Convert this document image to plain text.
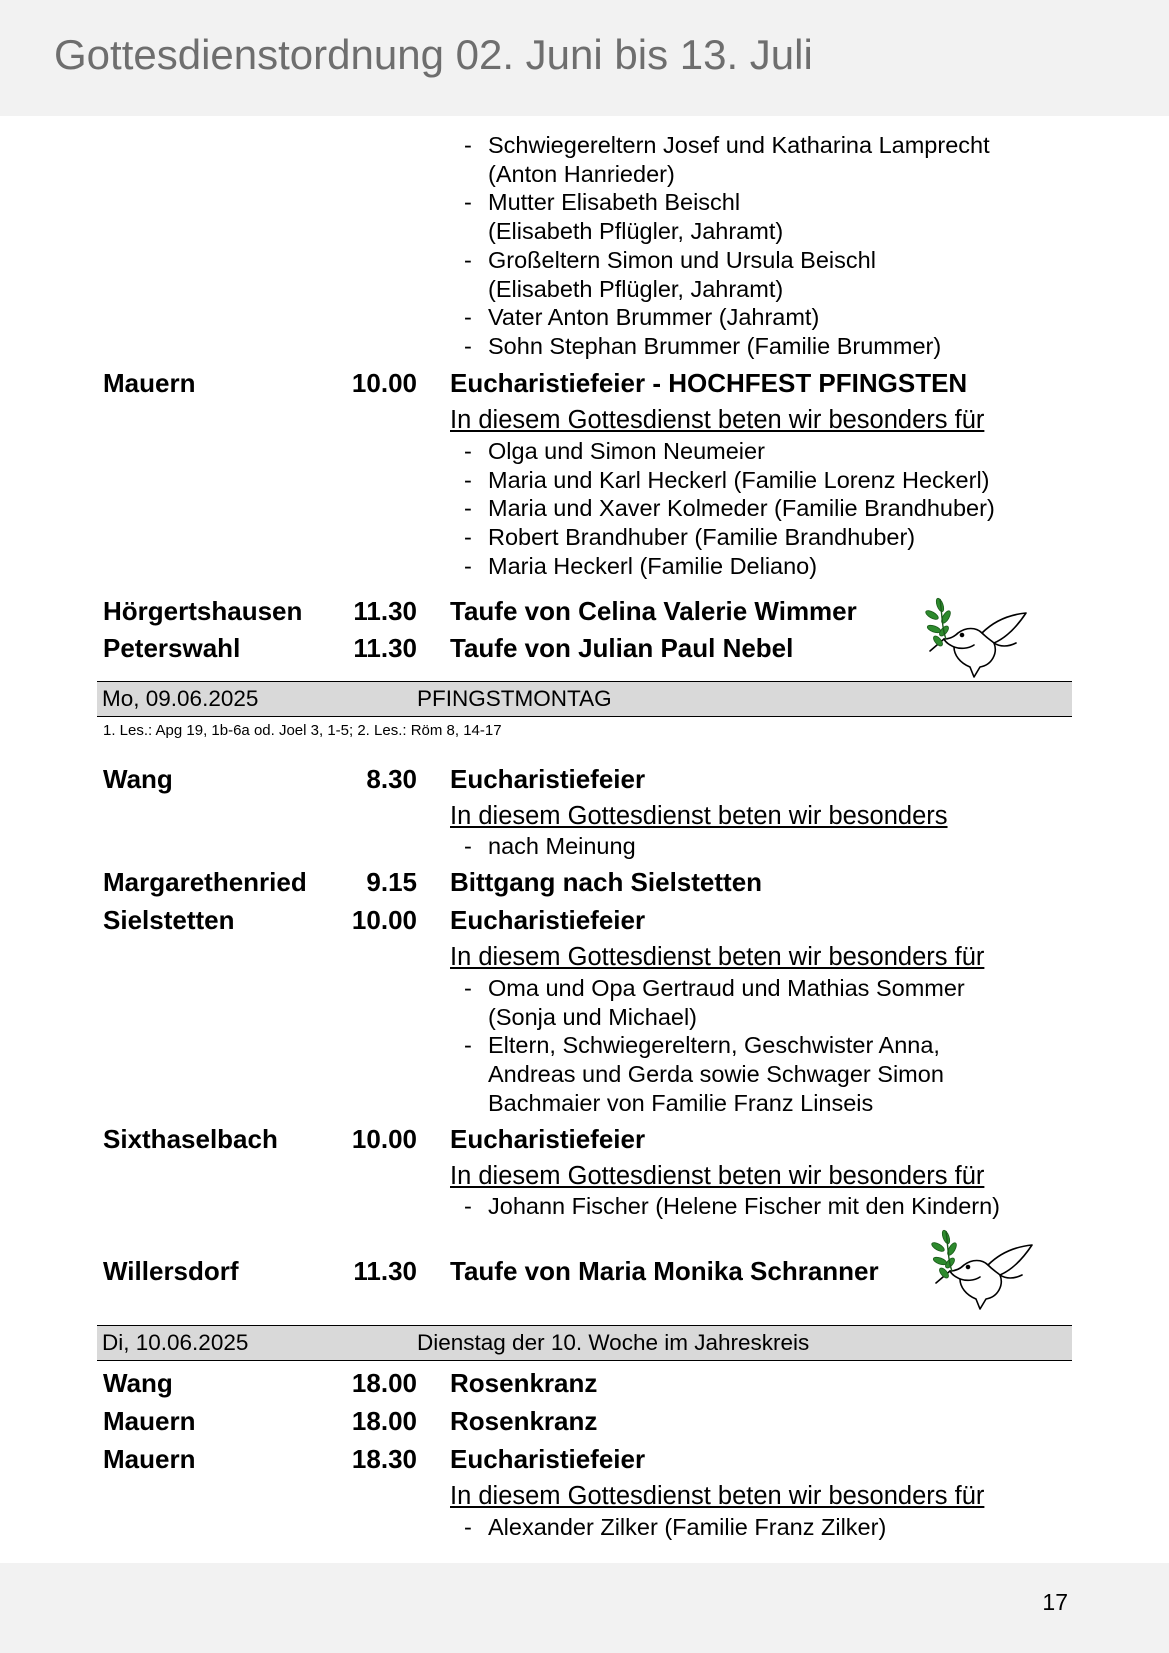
Gottesdienstordnung 02. Juni bis 13. Juli
- Schwiegereltern Josef und Katharina Lamprecht
(Anton Hanrieder)
- Mutter Elisabeth Beischl
(Elisabeth Pflügler, Jahramt)
- Großeltern Simon und Ursula Beischl
(Elisabeth Pflügler, Jahramt)
- Vater Anton Brummer (Jahramt)
- Sohn Stephan Brummer (Familie Brummer)
Mauern	10.00 Eucharistiefeier - HOCHFEST PFINGSTEN
In diesem Gottesdienst beten wir besonders für
- Olga und Simon Neumeier
- Maria und Karl Heckerl (Familie Lorenz Heckerl)
- Maria und Xaver Kolmeder (Familie Brandhuber)
- Robert Brandhuber (Familie Brandhuber)
- Maria Heckerl (Familie Deliano)
Hörgertshausen 11.30 Taufe von Celina Valerie Wimmer
Peterswahl	11.30 Taufe von Julian Paul Nebel
Mo, 09.06.2025	PFINGSTMONTAG
1. Les.: Apg 19, 1b-6a od. Joel 3, 1-5; 2. Les.: Röm 8, 14-17
Wang	8.30 Eucharistiefeier
In diesem Gottesdienst beten wir besonders
- nach Meinung
Margarethenried 9.15 Bittgang nach Sielstetten
Sielstetten	10.00 Eucharistiefeier
In diesem Gottesdienst beten wir besonders für
- Oma und Opa Gertraud und Mathias Sommer
(Sonja und Michael)
- Eltern, Schwiegereltern, Geschwister Anna,
Andreas und Gerda sowie Schwager Simon
Bachmaier von Familie Franz Linseis
Sixthaselbach	10.00 Eucharistiefeier
In diesem Gottesdienst beten wir besonders für
- Johann Fischer (Helene Fischer mit den Kindern)
Willersdorf	11.30 Taufe von Maria Monika Schranner
Di, 10.06.2025	Dienstag der 10. Woche im Jahreskreis
Wang	18.00 Rosenkranz
Mauern	18.00 Rosenkranz
Mauern	18.30 Eucharistiefeier
In diesem Gottesdienst beten wir besonders für
- Alexander Zilker (Familie Franz Zilker)
17
